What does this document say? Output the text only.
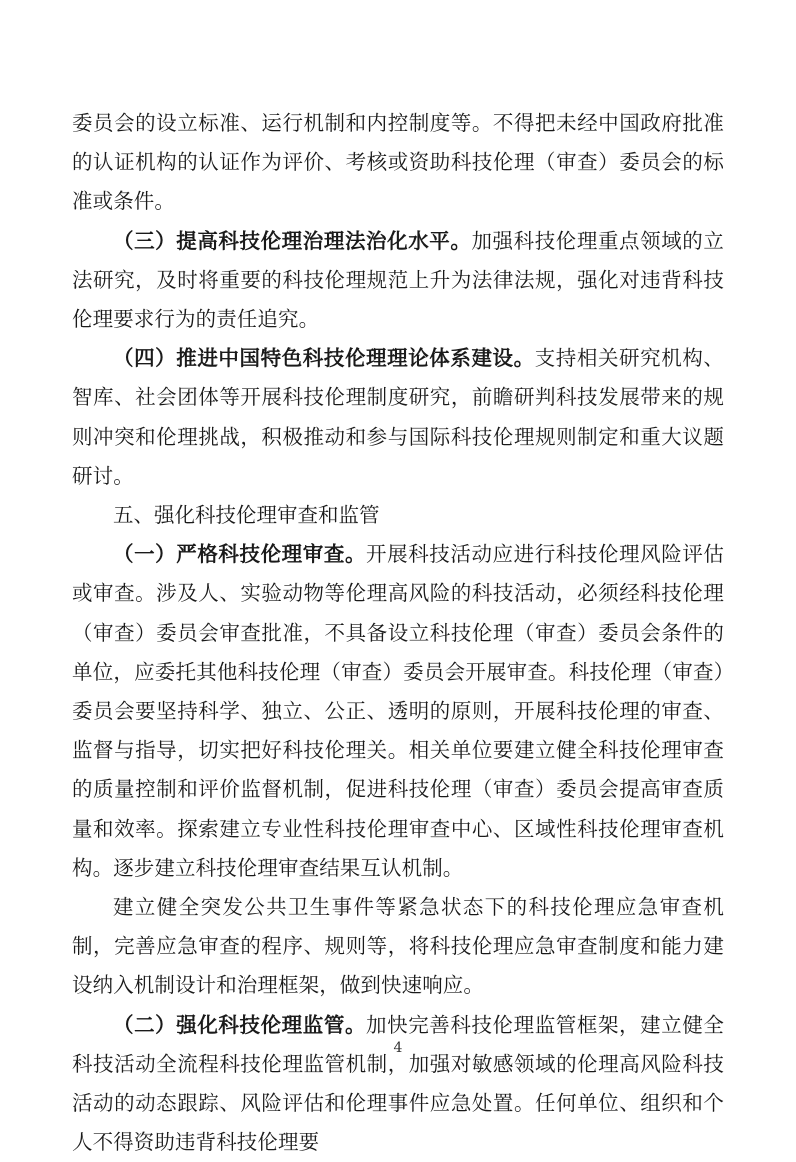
委员会的设立标准、运行机制和内控制度等。不得把未经中国政府批准的认证机构的认证作为评价、考核或资助科技伦理（审查）委员会的标准或条件。

（三）提高科技伦理治理法治化水平。加强科技伦理重点领域的立法研究，及时将重要的科技伦理规范上升为法律法规，强化对违背科技伦理要求行为的责任追究。

（四）推进中国特色科技伦理理论体系建设。支持相关研究机构、智库、社会团体等开展科技伦理制度研究，前瞻研判科技发展带来的规则冲突和伦理挑战，积极推动和参与国际科技伦理规则制定和重大议题研讨。

五、强化科技伦理审查和监管

（一）严格科技伦理审查。开展科技活动应进行科技伦理风险评估或审查。涉及人、实验动物等伦理高风险的科技活动，必须经科技伦理（审查）委员会审查批准，不具备设立科技伦理（审查）委员会条件的单位，应委托其他科技伦理（审查）委员会开展审查。科技伦理（审查）委员会要坚持科学、独立、公正、透明的原则，开展科技伦理的审查、监督与指导，切实把好科技伦理关。相关单位要建立健全科技伦理审查的质量控制和评价监督机制，促进科技伦理（审查）委员会提高审查质量和效率。探索建立专业性科技伦理审查中心、区域性科技伦理审查机构。逐步建立科技伦理审查结果互认机制。

建立健全突发公共卫生事件等紧急状态下的科技伦理应急审查机制，完善应急审查的程序、规则等，将科技伦理应急审查制度和能力建设纳入机制设计和治理框架，做到快速响应。

（二）强化科技伦理监管。加快完善科技伦理监管框架，建立健全科技活动全流程科技伦理监管机制，加强对敏感领域的伦理高风险科技活动的动态跟踪、风险评估和伦理事件应急处置。任何单位、组织和个人不得资助违背科技伦理要

4
